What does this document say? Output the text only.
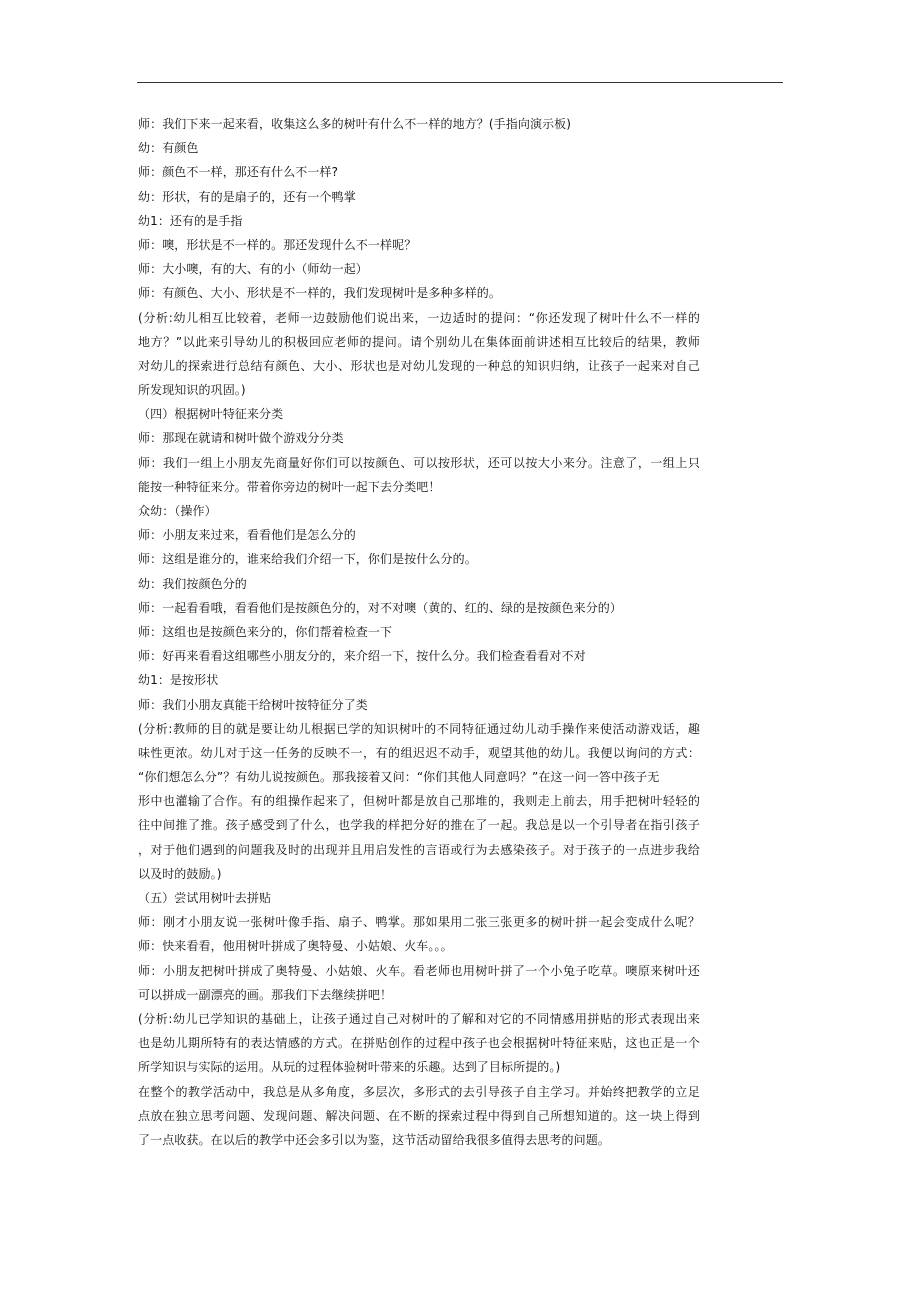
师：我们下来一起来看，收集这么多的树叶有什么不一样的地方？(手指向演示板)
幼：有颜色
师：颜色不一样，那还有什么不一样?
幼：形状，有的是扇子的，还有一个鸭掌
幼1：还有的是手指
师：噢，形状是不一样的。那还发现什么不一样呢？
师：大小噢，有的大、有的小（师幼一起）
师：有颜色、大小、形状是不一样的，我们发现树叶是多种多样的。
(分析:幼儿相互比较着，老师一边鼓励他们说出来，一边适时的提问：“你还发现了树叶什么不一样的
地方？”以此来引导幼儿的积极回应老师的提问。请个别幼儿在集体面前讲述相互比较后的结果，教师
对幼儿的探索进行总结有颜色、大小、形状也是对幼儿发现的一种总的知识归纳，让孩子一起来对自己
所发现知识的巩固。)
（四）根据树叶特征来分类
师：那现在就请和树叶做个游戏分分类
师：我们一组上小朋友先商量好你们可以按颜色、可以按形状，还可以按大小来分。注意了，一组上只
能按一种特征来分。带着你旁边的树叶一起下去分类吧！
众幼：（操作）
师：小朋友来过来，看看他们是怎么分的
师：这组是谁分的，谁来给我们介绍一下，你们是按什么分的。
幼：我们按颜色分的
师：一起看看哦，看看他们是按颜色分的，对不对噢（黄的、红的、绿的是按颜色来分的）
师：这组也是按颜色来分的，你们帮着检查一下
师：好再来看看这组哪些小朋友分的，来介绍一下，按什么分。我们检查看看对不对
幼1：是按形状
师：我们小朋友真能干给树叶按特征分了类
(分析:教师的目的就是要让幼儿根据已学的知识树叶的不同特征通过幼儿动手操作来使活动游戏话，趣
味性更浓。幼儿对于这一任务的反映不一，有的组迟迟不动手，观望其他的幼儿。我便以询问的方式：
“你们想怎么分”？有幼儿说按颜色。那我接着又问：“你们其他人同意吗？”在这一问一答中孩子无
形中也灌输了合作。有的组操作起来了，但树叶都是放自己那堆的，我则走上前去，用手把树叶轻轻的
往中间推了推。孩子感受到了什么，也学我的样把分好的推在了一起。我总是以一个引导者在指引孩子
，对于他们遇到的问题我及时的出现并且用启发性的言语或行为去感染孩子。对于孩子的一点进步我给
以及时的鼓励。)
（五）尝试用树叶去拼贴
师：刚才小朋友说一张树叶像手指、扇子、鸭掌。那如果用二张三张更多的树叶拼一起会变成什么呢？
师：快来看看，他用树叶拼成了奥特曼、小姑娘、火车。。。
师：小朋友把树叶拼成了奥特曼、小姑娘、火车。看老师也用树叶拼了一个小兔子吃草。噢原来树叶还
可以拼成一副漂亮的画。那我们下去继续拼吧！
(分析:幼儿已学知识的基础上，让孩子通过自己对树叶的了解和对它的不同情感用拼贴的形式表现出来
也是幼儿期所特有的表达情感的方式。在拼贴创作的过程中孩子也会根据树叶特征来贴，这也正是一个
所学知识与实际的运用。从玩的过程体验树叶带来的乐趣。达到了目标所提的。)
在整个的教学活动中，我总是从多角度，多层次，多形式的去引导孩子自主学习。并始终把教学的立足
点放在独立思考问题、发现问题、解决问题、在不断的探索过程中得到自己所想知道的。这一块上得到
了一点收获。在以后的教学中还会多引以为鉴，这节活动留给我很多值得去思考的问题。
